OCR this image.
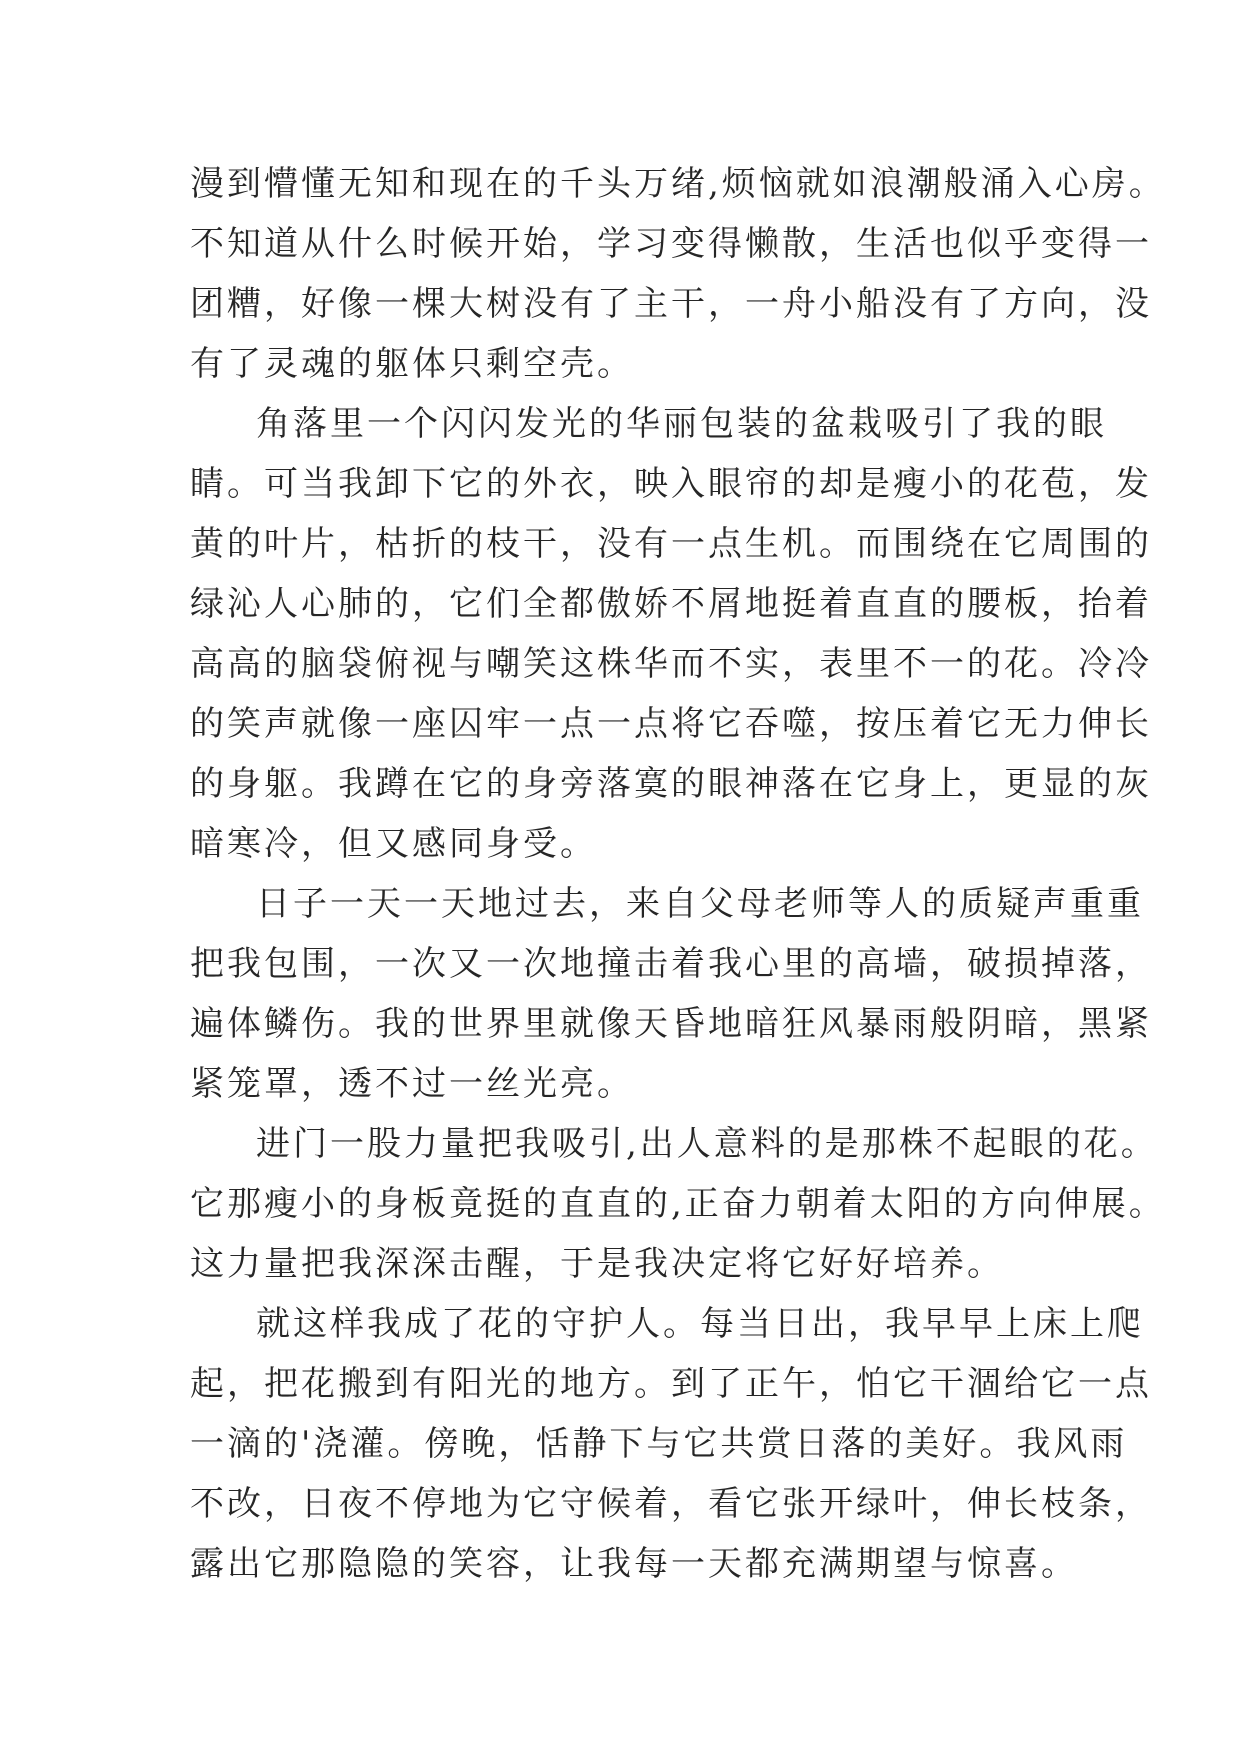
漫到懵懂无知和现在的千头万绪,烦恼就如浪潮般涌入心房。
不知道从什么时候开始，学习变得懒散，生活也似乎变得一
团糟，好像一棵大树没有了主干，一舟小船没有了方向，没
有了灵魂的躯体只剩空壳。
角落里一个闪闪发光的华丽包装的盆栽吸引了我的眼
睛。可当我卸下它的外衣，映入眼帘的却是瘦小的花苞，发
黄的叶片，枯折的枝干，没有一点生机。而围绕在它周围的
绿沁人心肺的，它们全都傲娇不屑地挺着直直的腰板，抬着
高高的脑袋俯视与嘲笑这株华而不实，表里不一的花。冷冷
的笑声就像一座囚牢一点一点将它吞噬，按压着它无力伸长
的身躯。我蹲在它的身旁落寞的眼神落在它身上，更显的灰
暗寒冷，但又感同身受。
日子一天一天地过去，来自父母老师等人的质疑声重重
把我包围，一次又一次地撞击着我心里的高墙，破损掉落，
遍体鳞伤。我的世界里就像天昏地暗狂风暴雨般阴暗，黑紧
紧笼罩，透不过一丝光亮。
进门一股力量把我吸引,出人意料的是那株不起眼的花。
它那瘦小的身板竟挺的直直的,正奋力朝着太阳的方向伸展。
这力量把我深深击醒，于是我决定将它好好培养。
就这样我成了花的守护人。每当日出，我早早上床上爬
起，把花搬到有阳光的地方。到了正午，怕它干涸给它一点
一滴的'浇灌。傍晚，恬静下与它共赏日落的美好。我风雨
不改，日夜不停地为它守候着，看它张开绿叶，伸长枝条，
露出它那隐隐的笑容，让我每一天都充满期望与惊喜。
